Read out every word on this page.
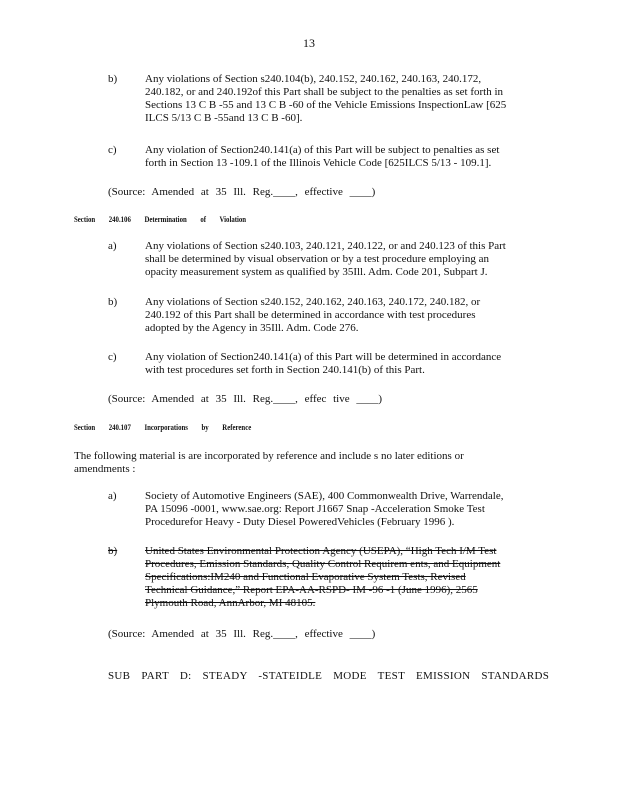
13
b)	Any violations of Section s240.104(b), 240.152, 240.162, 240.163, 240.172,
240.182, or and 240.192of this Part shall be subject to the penalties as set forth in
Sections 13 C B -55 and 13 C B -60 of the Vehicle Emissions InspectionLaw [625
ILCS 5/13 C B -55and 13 C B -60].
c)	Any violation of Section240.141(a) of this Part will be subject to penalties as set
forth in Section 13 -109.1 of the Illinois Vehicle Code [625ILCS 5/13 - 109.1].
(Source: Amended at 35 Ill. Reg.____, effective ____)
Section 240.106 Determination of Violation
a)	Any violations of Section s240.103, 240.121, 240.122, or and 240.123 of this Part
shall be determined by visual observation or by a test procedure employing an
opacity measurement system as qualified by 35Ill. Adm. Code 201, Subpart J.
b)	Any violations of Section s240.152, 240.162, 240.163, 240.172, 240.182, or
240.192 of this Part shall be determined in accordance with test procedures
adopted by the Agency in 35Ill. Adm. Code 276.
c)	Any violation of Section240.141(a) of this Part will be determined in accordance
with test procedures set forth in Section 240.141(b) of this Part.
(Source: Amended at 35 Ill. Reg.____, effec tive ____)
Section 240.107 Incorporations by Reference
The following material is are incorporated by reference and include s no later editions or
amendments :
a)	Society of Automotive Engineers (SAE), 400 Commonwealth Drive, Warrendale,
PA 15096 -0001, www.sae.org: Report J1667 Snap -Acceleration Smoke Test
Procedurefor Heavy - Duty Diesel PoweredVehicles (February 1996 ).
b)	United States Environmental Protection Agency (USEPA), “High Tech I/M Test
Procedures, Emission Standards, Quality Control Requirem ents, and Equipment
Specifications:IM240 and Functional Evaporative System Tests, Revised
Technical Guidance,” Report EPA-AA-RSPD- IM -96 -1 (June 1996), 2565
Plymouth Road, AnnArbor, MI 48105.
(Source: Amended at 35 Ill. Reg.____, effective ____)
SUB PART D: STEADY -STATEIDLE MODE TEST EMISSION STANDARDS
